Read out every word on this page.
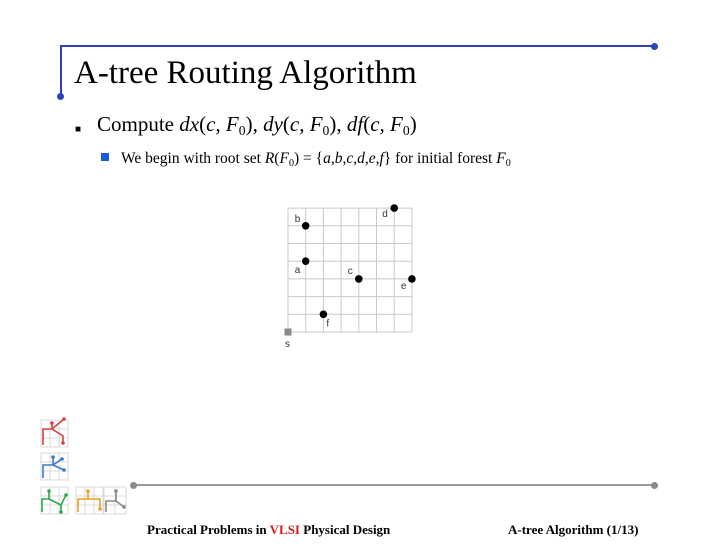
A-tree Routing Algorithm
■ Compute dx(c, $F_0$), dy(c, $F_0$), df(c, $F_0$)
We begin with root set $R(F_0) = \{a,b,c,d,e,f\}$ for initial forest $F_0$
s
a
b
c
d
e
f
Practical Problems in VLSI Physical Design	A-tree Algorithm (1/13)
